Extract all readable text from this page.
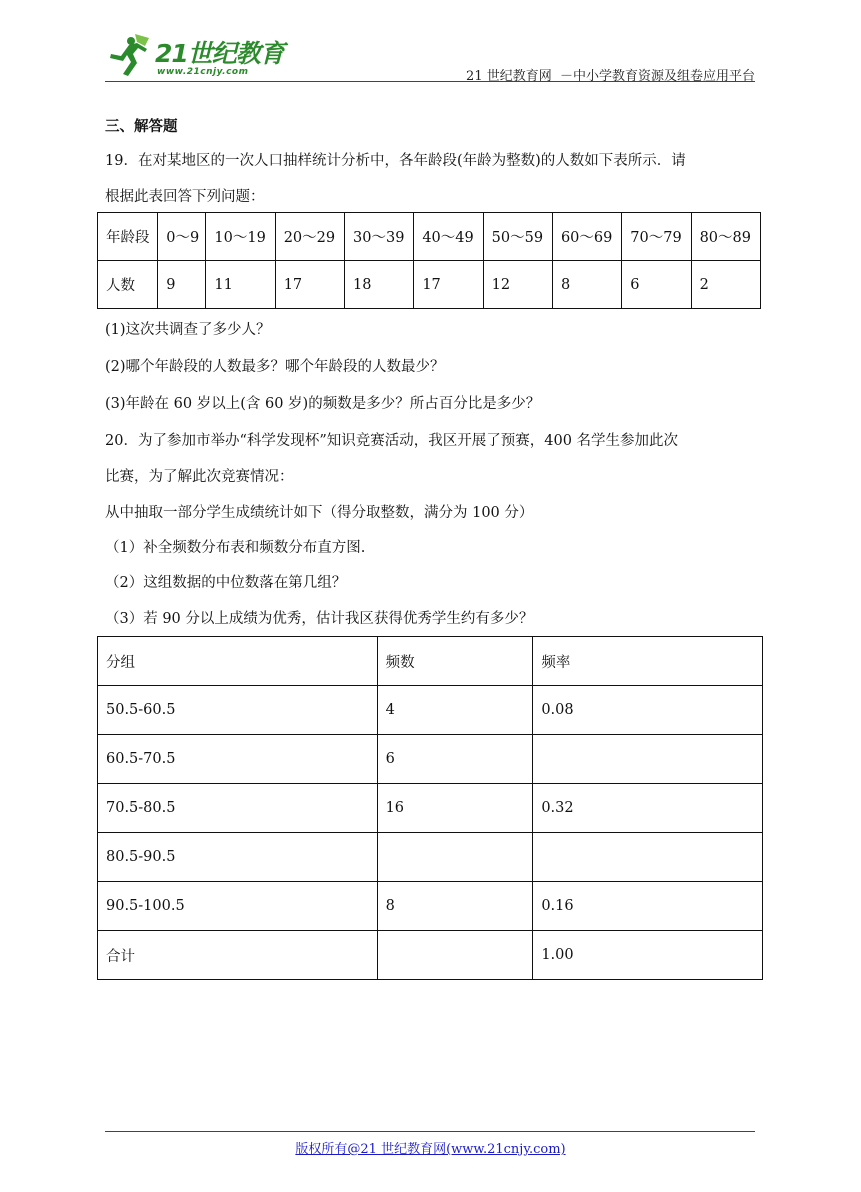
21世纪教育
www.21cnjy.com	21 世纪教育网  －中小学教育资源及组卷应用平台
三、解答题
19．在对某地区的一次人口抽样统计分析中，各年龄段(年龄为整数)的人数如下表所示．请
根据此表回答下列问题：
年龄段	0～9	10～19	20～29	30～39	40～49	50～59	60～69	70～79	80～89
人数	9	11	17	18	17	12	8	6	2
(1)这次共调查了多少人？
(2)哪个年龄段的人数最多？哪个年龄段的人数最少？
(3)年龄在 60 岁以上(含 60 岁)的频数是多少？所占百分比是多少？
20．为了参加市举办“科学发现杯”知识竞赛活动，我区开展了预赛，400 名学生参加此次
比赛，为了解此次竞赛情况：
从中抽取一部分学生成绩统计如下（得分取整数，满分为 100 分）
（1）补全频数分布表和频数分布直方图.
（2）这组数据的中位数落在第几组？
（3）若 90 分以上成绩为优秀，估计我区获得优秀学生约有多少？
分组	频数	频率
50.5-60.5	4	0.08
60.5-70.5	6	
70.5-80.5	16	0.32
80.5-90.5		
90.5-100.5	8	0.16
合计		1.00
版权所有@21 世纪教育网(www.21cnjy.com)
